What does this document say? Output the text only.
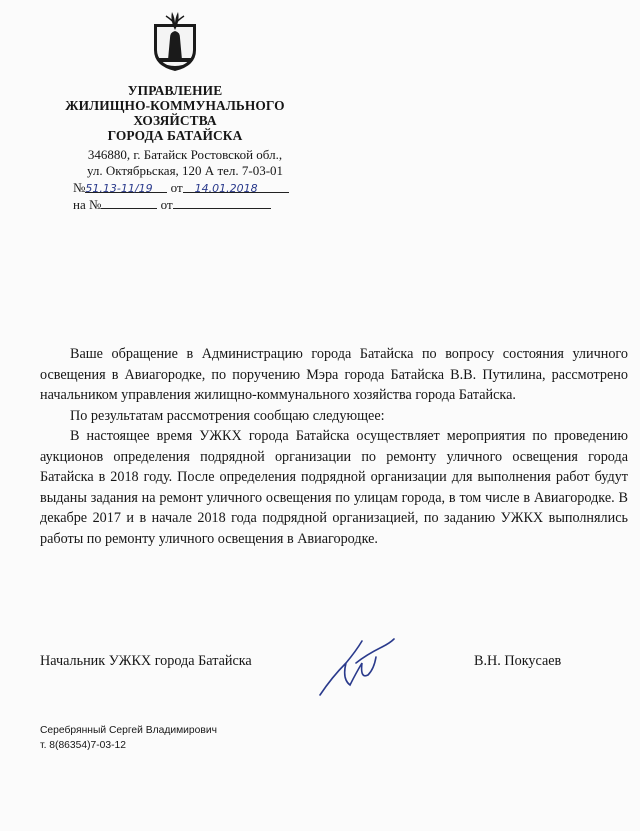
УПРАВЛЕНИЕ
ЖИЛИЩНО-КОММУНАЛЬНОГО
ХОЗЯЙСТВА
ГОРОДА БАТАЙСКА
346880, г. Батайск Ростовской обл.,
ул. Октябрьская, 120 А тел. 7-03-01
№51.13-11/19 от 14.01.2018
на №	от

Ваше обращение в Администрацию города Батайска по вопросу состояния уличного освещения в Авиагородке, по поручению Мэра города Батайска В.В. Путилина, рассмотрено начальником управления жилищно-коммунального хозяйства города Батайска.

По результатам рассмотрения сообщаю следующее:

В настоящее время УЖКХ города Батайска осуществляет мероприятия по проведению аукционов определения подрядной организации по ремонту уличного освещения города Батайска в 2018 году. После определения подрядной организации для выполнения работ будут выданы задания на ремонт уличного освещения по улицам города, в том числе в Авиагородке. В декабре 2017 и в начале 2018 года подрядной организацией, по заданию УЖКХ выполнялись работы по ремонту уличного освещения в Авиагородке.

Начальник УЖКХ города Батайска	В.Н. Покусаев
Серебрянный Сергей Владимирович
т. 8(86354)7-03-12
